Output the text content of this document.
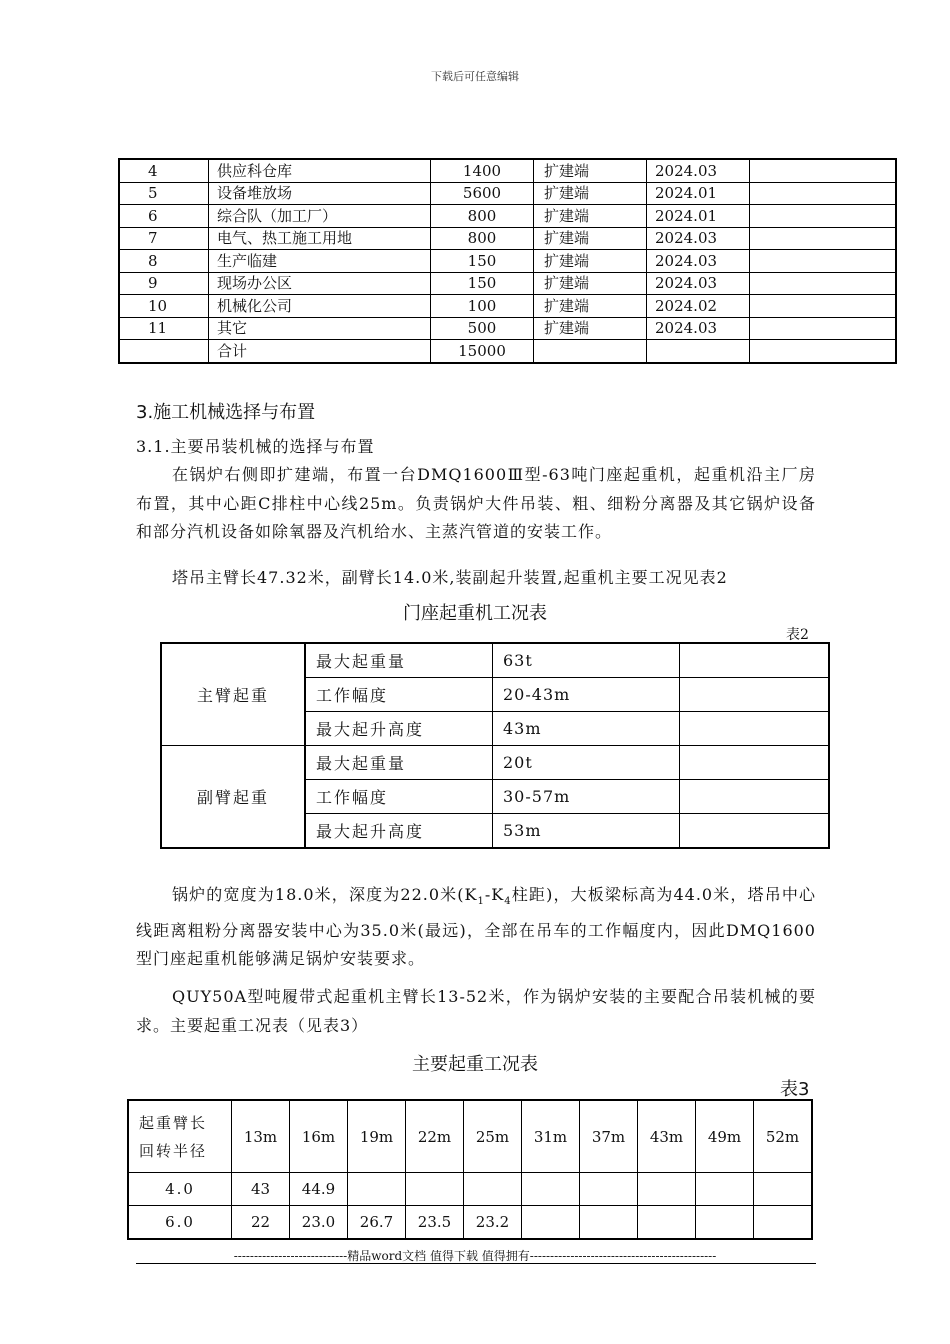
下载后可任意编辑
4	供应科仓库	1400	扩建端	2024.03	
5	设备堆放场	5600	扩建端	2024.01	
6	综合队（加工厂）	800	扩建端	2024.01	
7	电气、热工施工用地	800	扩建端	2024.03	
8	生产临建	150	扩建端	2024.03	
9	现场办公区	150	扩建端	2024.03	
10	机械化公司	100	扩建端	2024.02	
11	其它	500	扩建端	2024.03	
	合计	15000			
3.施工机械选择与布置
3.1.主要吊装机械的选择与布置
在锅炉右侧即扩建端，布置一台DMQ1600Ⅲ型-63吨门座起重机，起重机沿主厂房布置，其中心距C排柱中心线25m。负责锅炉大件吊装、粗、细粉分离器及其它锅炉设备和部分汽机设备如除氧器及汽机给水、主蒸汽管道的安装工作。
塔吊主臂长47.32米，副臂长14.0米,装副起升装置,起重机主要工况见表2
门座起重机工况表
表2
主臂起重	最大起重量	63t	
	工作幅度	20-43m	
	最大起升高度	43m	
副臂起重	最大起重量	20t	
	工作幅度	30-57m	
	最大起升高度	53m	
锅炉的宽度为18.0米，深度为22.0米($K_1-K_4$柱距)，大板梁标高为44.0米，塔吊中心线距离粗粉分离器安装中心为35.0米(最远)，全部在吊车的工作幅度内，因此DMQ1600型门座起重机能够满足锅炉安装要求。
QUY50A型吨履带式起重机主臂长13-52米，作为锅炉安装的主要配合吊装机械的要求。主要起重工况表（见表3）
主要起重工况表
表3
起重臂长
回转半径	13m	16m	19m	22m	25m	31m	37m	43m	49m	52m
4.0	43	44.9								
6.0	22	23.0	26.7	23.5	23.2					
----------------------------精品word文档 值得下载 值得拥有----------------------------------------------
